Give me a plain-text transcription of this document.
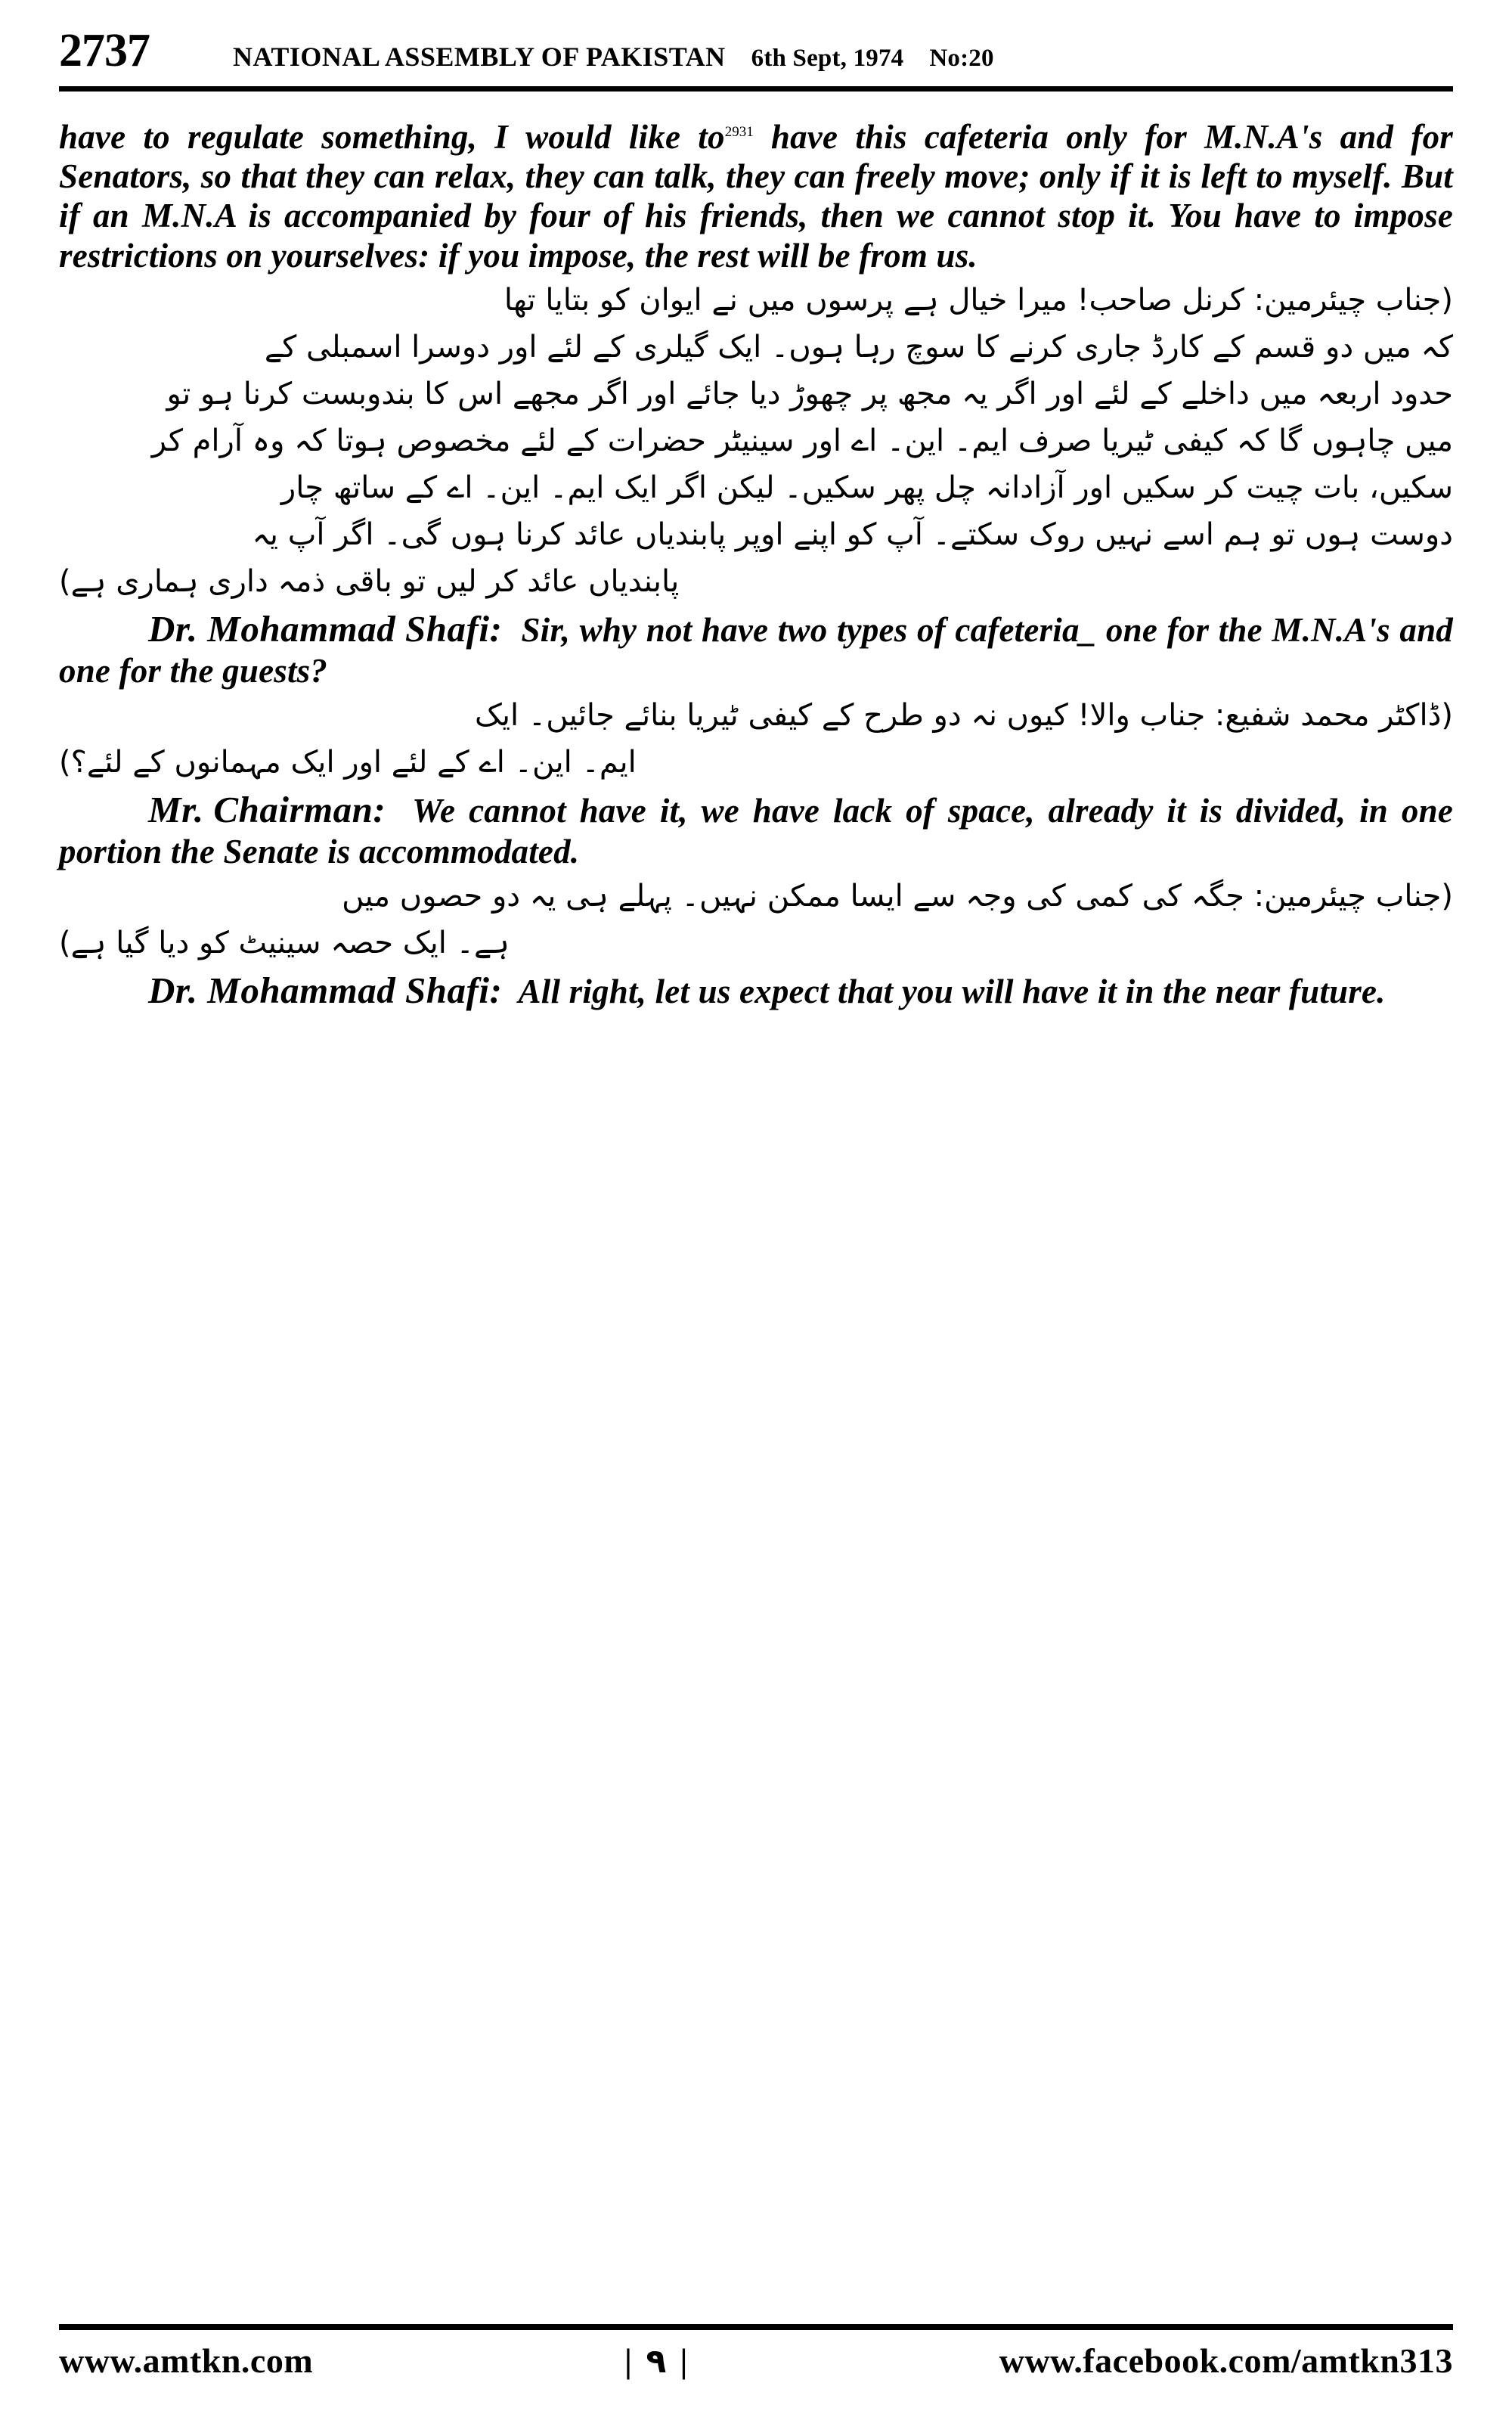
2737	NATIONAL ASSEMBLY OF PAKISTAN 6th Sept, 1974 No:20

have to regulate something, I would like $to^{2931}$ have this cafeteria only for M.N.A's and for Senators, so that they can relax, they can talk, they can freely move; only if it is left to myself. But if an M.N.A is accompanied by four of his friends, then we cannot stop it. You have to impose restrictions on yourselves: if you impose, the rest will be from us.

(جناب چیئرمین: کرنل صاحب! میرا خیال ہے پرسوں میں نے ایوان کو بتایا تھا
کہ میں دو قسم کے کارڈ جاری کرنے کا سوچ رہا ہوں۔ ایک گیلری کے لئے اور دوسرا اسمبلی کے
حدود اربعہ میں داخلے کے لئے اور اگر یہ مجھ پر چھوڑ دیا جائے اور اگر مجھے اس کا بندوبست کرنا ہو تو
میں چاہوں گا کہ کیفی ٹیریا صرف ایم۔ این۔ اے اور سینیٹر حضرات کے لئے مخصوص ہوتا کہ وہ آرام کر
سکیں، بات چیت کر سکیں اور آزادانہ چل پھر سکیں۔ لیکن اگر ایک ایم۔ این۔ اے کے ساتھ چار
دوست ہوں تو ہم اسے نہیں روک سکتے۔ آپ کو اپنے اوپر پابندیاں عائد کرنا ہوں گی۔ اگر آپ یہ
پابندیاں عائد کر لیں تو باقی ذمہ داری ہماری ہے)

Dr. Mohammad Shafi: Sir, why not have two types of cafeteria_ one for the M.N.A's and one for the guests?

(ڈاکٹر محمد شفیع: جناب والا! کیوں نہ دو طرح کے کیفی ٹیریا بنائے جائیں۔ ایک
ایم۔ این۔ اے کے لئے اور ایک مہمانوں کے لئے؟)

Mr. Chairman: We cannot have it, we have lack of space, already it is divided, in one portion the Senate is accommodated.

(جناب چیئرمین: جگہ کی کمی کی وجہ سے ایسا ممکن نہیں۔ پہلے ہی یہ دو حصوں میں
ہے۔ ایک حصہ سینیٹ کو دیا گیا ہے)

Dr. Mohammad Shafi: All right, let us expect that you will have it in the near future.

www.amtkn.com	| ۹ |	www.facebook.com/amtkn313
